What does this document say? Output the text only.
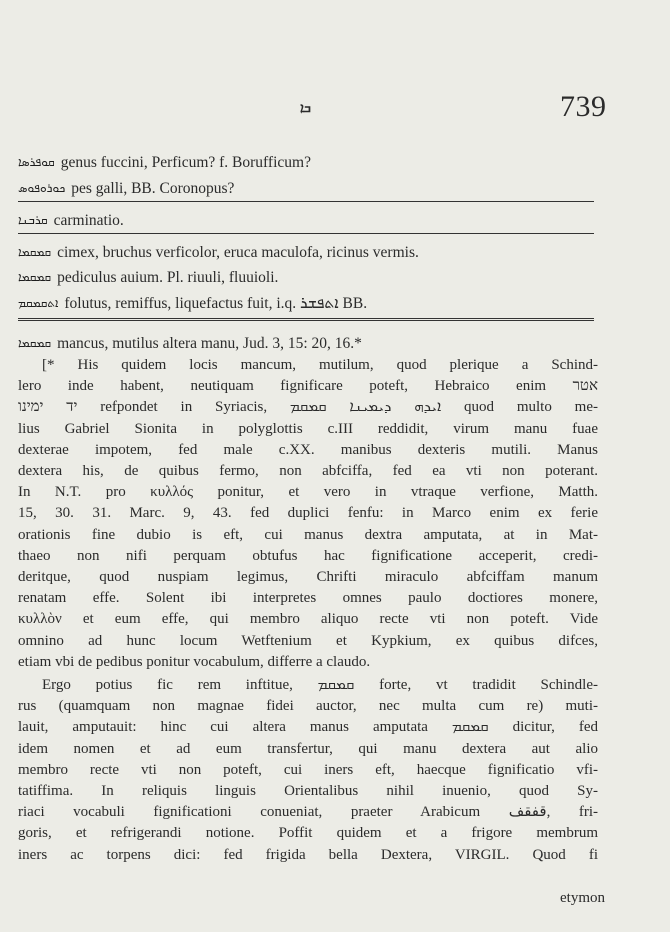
ܒܐ	739
ܩܘܦܪܣܐ genus fuccini, Perficum? f. Borufficum?
ܟܘܪܘܦܘܣ pes galli, BB. Coronopus?
ܩܪܒܢܐ carminatio.
ܩܡܩܡܐ cimex, bruchus verficolor, eruca maculofa, ricinus vermis.
ܩܡܩܡܐ pediculus auium. Pl. riuuli, fluuioli.
ܐܬܩܡܩܡ folutus, remiffus, liquefactus fuit, i.q. ܐܬܦܫܪ BB.
ܩܡܩܡܐ mancus, mutilus altera manu, Jud. 3, 15: 20, 16.*
[* His quidem locis mancum, mutilum, quod plerique a Schind-
lero inde habent, neutiquam fignificare poteft, Hebraico enim אטר
יד ימינו refpondet in Syriacis, ܐܝܕܗ ܕܝܡܝܢܐ ܩܡܩܡ quod multo me-
lius Gabriel Sionita in polyglottis c.III reddidit, virum manu fuae
dexterae impotem, fed male c.XX. manibus dexteris mutili. Manus
dextera his, de quibus fermo, non abfciffa, fed ea vti non poterant.
In N.T. pro κυλλός ponitur, et vero in vtraque verfione, Matth.
15, 30. 31. Marc. 9, 43. fed duplici fenfu: in Marco enim ex ferie
orationis fine dubio is eft, cui manus dextra amputata, at in Mat-
thaeo non nifi perquam obtufus hac fignificatione acceperit, credi-
deritque, quod nuspiam legimus, Chrifti miraculo abfciffam manum
renatam effe. Solent ibi interpretes omnes paulo doctiores monere,
κυλλὸν et eum effe, qui membro aliquo recte vti non poteft. Vide
omnino ad hunc locum Wetftenium et Kypkium, ex quibus difces,
etiam vbi de pedibus ponitur vocabulum, differre a claudo.
Ergo potius fic rem inftitue, ܩܡܩܡ forte, vt tradidit Schindle-
rus (quamquam non magnae fidei auctor, nec multa cum re) muti-
lauit, amputauit: hinc cui altera manus amputata ܩܡܩܡ dicitur, fed
idem nomen et ad eum transfertur, qui manu dextera aut alio
membro recte vti non poteft, cui iners eft, haecque fignificatio vfi-
tatiffima. In reliquis linguis Orientalibus nihil inuenio, quod Sy-
riaci vocabuli fignificationi conueniat, praeter Arabicum قفقف, fri-
goris, et refrigerandi notione. Poffit quidem et a frigore membrum
iners ac torpens dici: fed frigida bella Dextera, VIRGIL. Quod fi
etymon
